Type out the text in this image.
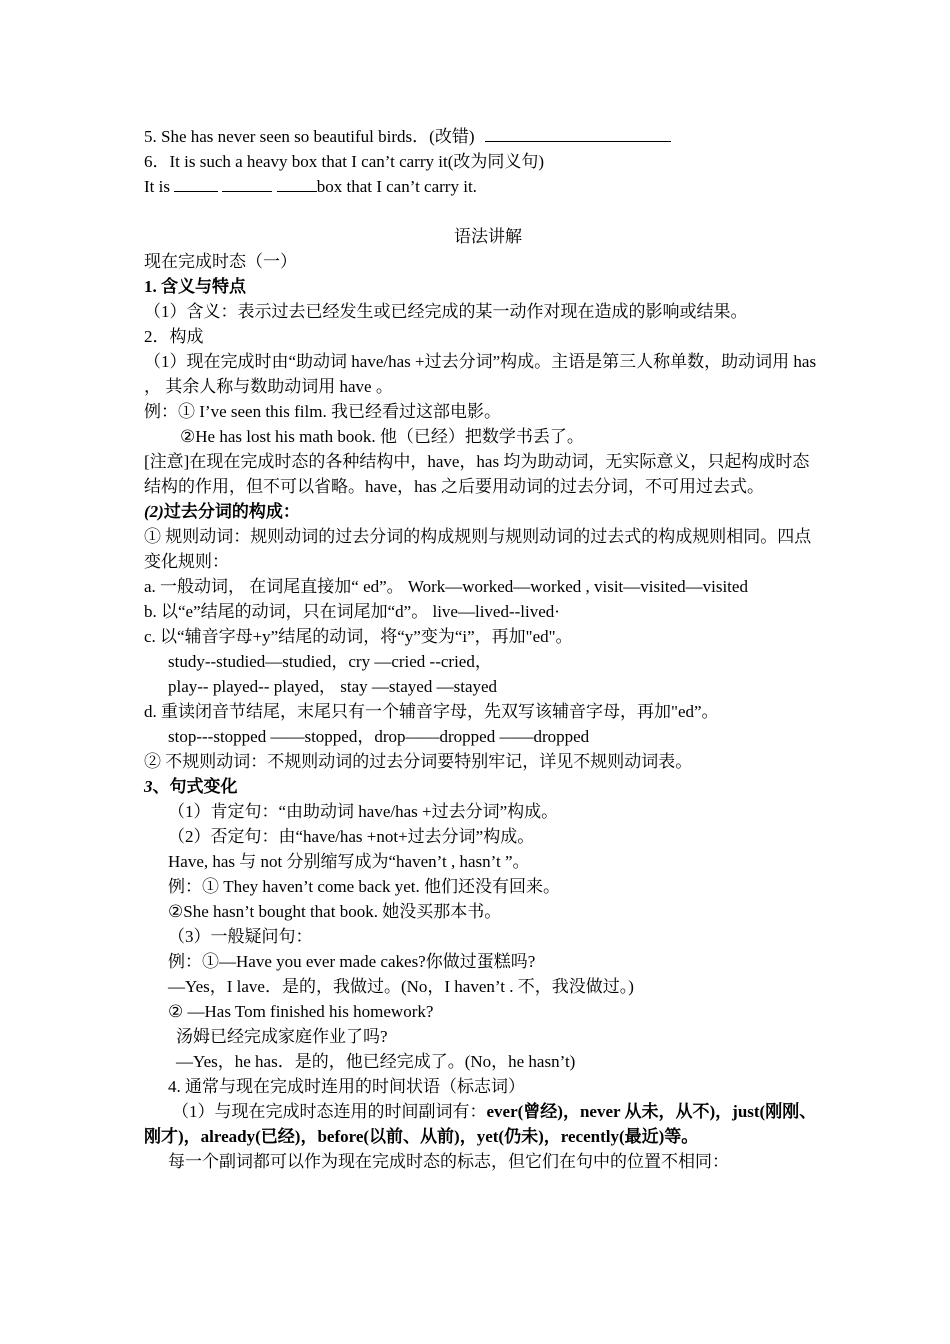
5. She has never seen so beautiful birds．(改错)
6．It is such a heavy box that I can’t carry it(改为同义句)
It is	box that I can’t carry it.
语法讲解
现在完成时态（一）
1. 含义与特点
（1）含义：表示过去已经发生或已经完成的某一动作对现在造成的影响或结果。
2．构成
（1）现在完成时由“助动词 have/has +过去分词”构成。主语是第三人称单数，助动词用 has ， 其余人称与数助动词用 have 。
例：① I’ve seen this film. 我已经看过这部电影。
②He has lost his math book. 他（已经）把数学书丢了。
[注意]在现在完成时态的各种结构中，have，has 均为助动词，无实际意义，只起构成时态结构的作用，但不可以省略。have，has 之后要用动词的过去分词，不可用过去式。
(2)过去分词的构成：
① 规则动词：规则动词的过去分词的构成规则与规则动词的过去式的构成规则相同。四点变化规则：
a. 一般动词， 在词尾直接加“ ed”。 Work—worked—worked , visit—visited—visited
b. 以“e”结尾的动词，只在词尾加“d”。 live—lived--lived·
c. 以“辅音字母+y”结尾的动词，将“y”变为“i”，再加"ed"。
study--studied—studied，cry —cried --cried，
play-- played-- played， stay —stayed —stayed
d. 重读闭音节结尾，末尾只有一个辅音字母，先双写该辅音字母，再加"ed”。
stop---stopped ——stopped，drop——dropped ——dropped
② 不规则动词：不规则动词的过去分词要特别牢记，详见不规则动词表。
3、句式变化
（1）肯定句：“由助动词 have/has +过去分词”构成。
（2）否定句：由“have/has +not+过去分词”构成。
Have, has 与 not 分别缩写成为“haven’t , hasn’t ”。
例：① They haven’t come back yet. 他们还没有回来。
②She hasn’t bought that book. 她没买那本书。
（3）一般疑问句：
例：①—Have you ever made cakes?你做过蛋糕吗?
—Yes，I lave．是的，我做过。(No，I haven’t . 不，我没做过。)
② —Has Tom finished his homework?
汤姆已经完成家庭作业了吗?
—Yes，he has．是的，他已经完成了。(No，he hasn’t)
4. 通常与现在完成时连用的时间状语（标志词）
（1）与现在完成时态连用的时间副词有：ever(曾经)，never 从未，从不)，just(刚刚、刚才)，already(已经)，before(以前、从前)，yet(仍未)，recently(最近)等。
每一个副词都可以作为现在完成时态的标志，但它们在句中的位置不相同：
